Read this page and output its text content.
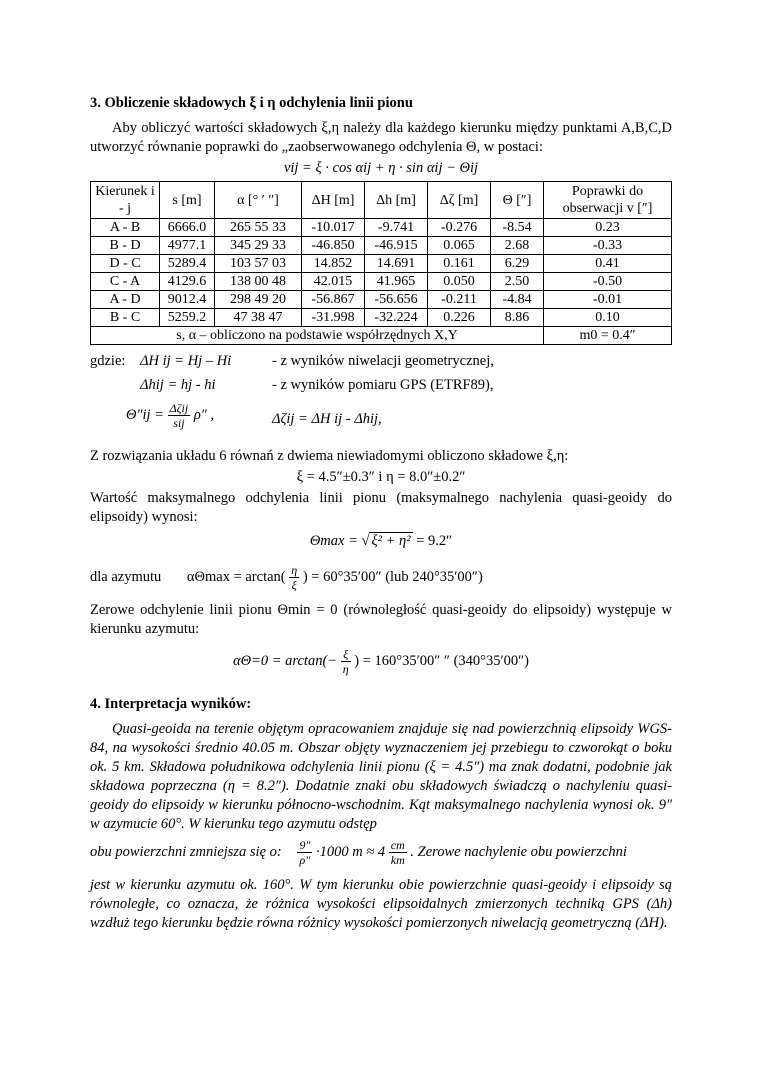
3. Obliczenie składowych ξ i η odchylenia linii pionu

Aby obliczyć wartości składowych ξ,η należy dla każdego kierunku między punktami A,B,C,D utworzyć równanie poprawki do „zaobserwowanego odchylenia Θ, w postaci:

vij = ξ · cos αij + η · sin αij − Θij

Kierunek i - j	s [m]	α [° ′ ″]	ΔH [m]	Δh [m]	Δζ [m]	Θ [″]	Poprawki do obserwacji v [″]
A - B	6666.0	265 55 33	-10.017	-9.741	-0.276	-8.54	0.23
B - D	4977.1	345 29 33	-46.850	-46.915	0.065	2.68	-0.33
D - C	5289.4	103 57 03	14.852	14.691	0.161	6.29	0.41
C - A	4129.6	138 00 48	42.015	41.965	0.050	2.50	-0.50
A - D	9012.4	298 49 20	-56.867	-56.656	-0.211	-4.84	-0.01
B - C	5259.2	47 38 47	-31.998	-32.224	0.226	8.86	0.10
s, α – obliczono na podstawie współrzędnych X,Y							m0 = 0.4″
gdzie: ΔH ij = Hj – Hi	- z wyników niwelacji geometrycznej,
Δhij = hj - hi	- z wyników pomiaru GPS (ETRF89),
$\Theta''ij = \frac{\text{Δζij}}{\text{sij}} \rho''$ ,	Δζij = ΔH ij - Δhij,

Z rozwiązania układu 6 równań z dwiema niewiadomymi obliczono składowe ξ,η:

ξ = 4.5″±0.3″ i η = 8.0″±0.2″

Wartość maksymalnego odchylenia linii pionu (maksymalnego nachylenia quasi-geoidy do elipsoidy) wynosi:

Θmax = √ ξ² + η² = 9.2″
dla azymutu $\alpha\Theta\max = \arctan( \frac{\eta}{\xi}$ ) = 60°35′00″ (lub 240°35′00″)

Zerowe odchylenie linii pionu Θmin = 0 (równoległość quasi-geoidy do elipsoidy) występuje w kierunku azymutu:

$\alpha\Theta=0 = \arctan(- \frac{\xi}{\eta}$ ) = 160°35′00″ ″ (340°35′00″)

4. Interpretacja wyników:

Quasi-geoida na terenie objętym opracowaniem znajduje się nad powierzchnią elipsoidy WGS-84, na wysokości średnio 40.05 m. Obszar objęty wyznaczeniem jej przebiegu to czworokąt o boku ok. 5 km. Składowa południkowa odchylenia linii pionu (ξ = 4.5″) ma znak dodatni, podobnie jak składowa poprzeczna (η = 8.2″). Dodatnie znaki obu składowych świadczą o nachyleniu quasi-geoidy do elipsoidy w kierunku północno-wschodnim. Kąt maksymalnego nachylenia wynosi ok. 9″ w azymucie 60°. W kierunku tego azymutu odstęp

obu powierzchni zmniejsza się o: $\frac{9''}{\rho''} \cdot 1000$ $m \approx 4 \frac{cm}{km}$ . Zerowe nachylenie obu powierzchni

jest w kierunku azymutu ok. 160°. W tym kierunku obie powierzchnie quasi-geoidy i elipsoidy są równoległe, co oznacza, że różnica wysokości elipsoidalnych zmierzonych techniką GPS (Δh) wzdłuż tego kierunku będzie równa różnicy wysokości pomierzonych niwelacją geometryczną (ΔH).
